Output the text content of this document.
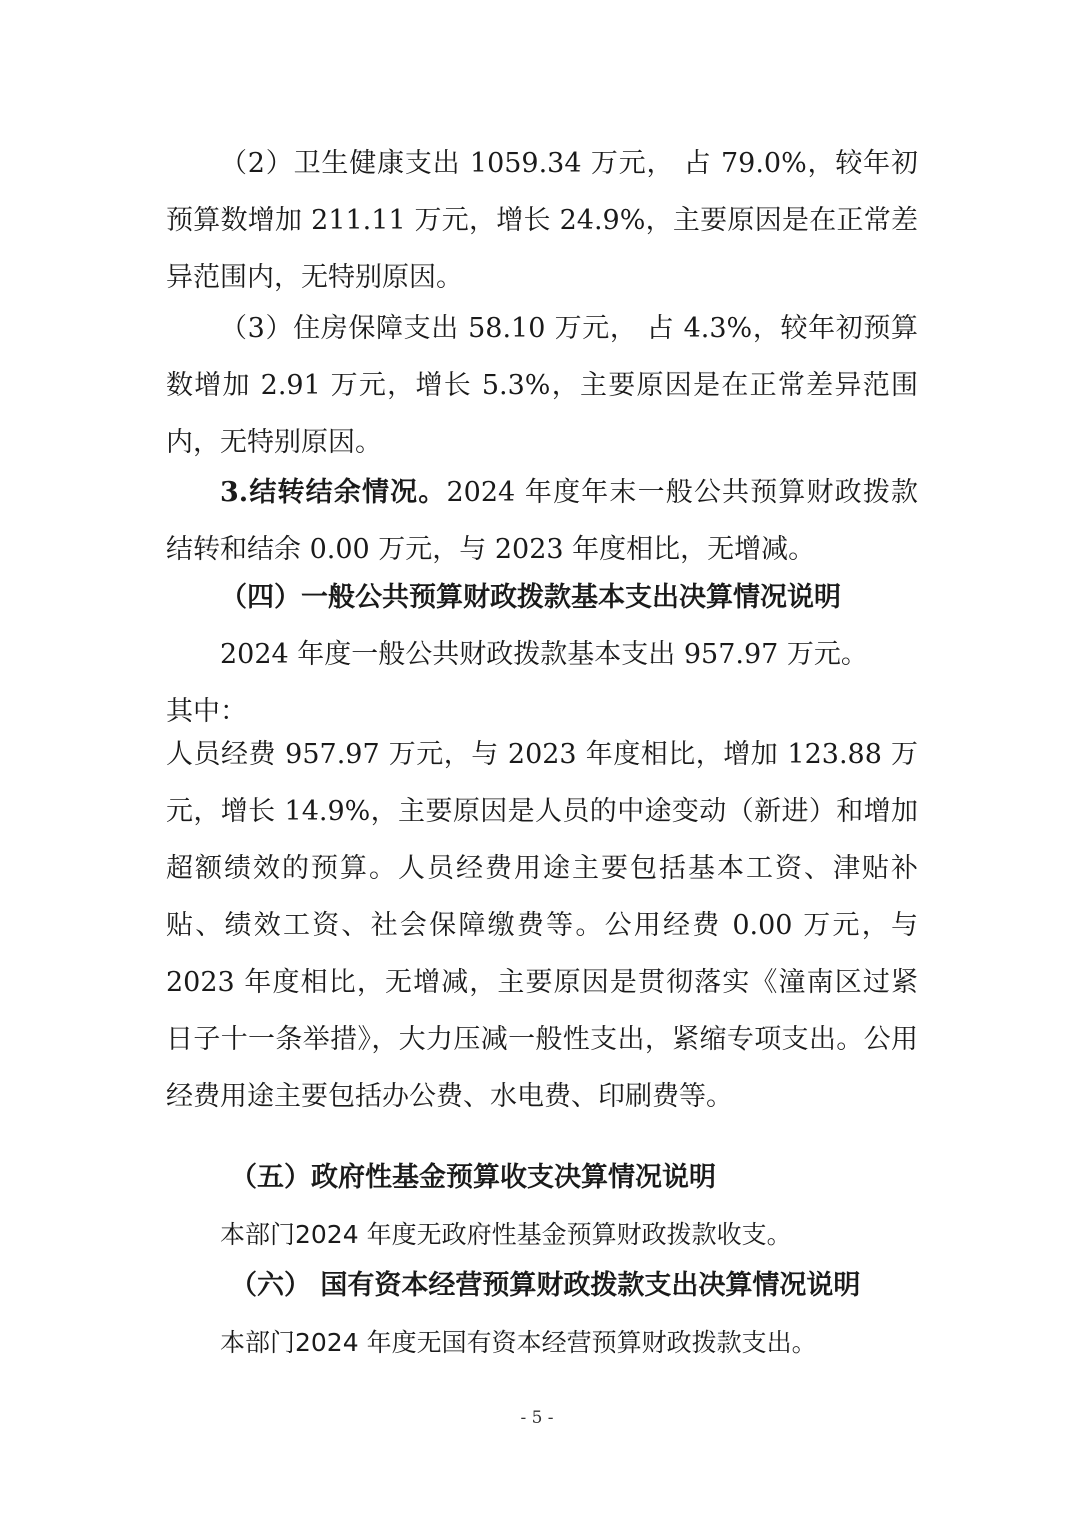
（2）卫生健康支出 1059.34 万元， 占 79.0%，较年初预算数增加 211.11 万元，增长 24.9%，主要原因是在正常差异范围内，无特别原因。

（3）住房保障支出 58.10 万元， 占 4.3%，较年初预算数增加 2.91 万元，增长 5.3%，主要原因是在正常差异范围内，无特别原因。

3.结转结余情况。2024 年度年末一般公共预算财政拨款结转和结余 0.00 万元，与 2023 年度相比，无增减。

（四）一般公共预算财政拨款基本支出决算情况说明

2024 年度一般公共财政拨款基本支出 957.97 万元。

其中：

人员经费 957.97 万元，与 2023 年度相比，增加 123.88 万元，增长 14.9%，主要原因是人员的中途变动（新进）和增加超额绩效的预算。人员经费用途主要包括基本工资、津贴补贴、绩效工资、社会保障缴费等。公用经费 0.00 万元，与 2023 年度相比，无增减，主要原因是贯彻落实《潼南区过紧日子十一条举措》，大力压减一般性支出，紧缩专项支出。公用经费用途主要包括办公费、水电费、印刷费等。

（五）政府性基金预算收支决算情况说明

本部门2024 年度无政府性基金预算财政拨款收支。

（六） 国有资本经营预算财政拨款支出决算情况说明

本部门2024 年度无国有资本经营预算财政拨款支出。

- 5 -
